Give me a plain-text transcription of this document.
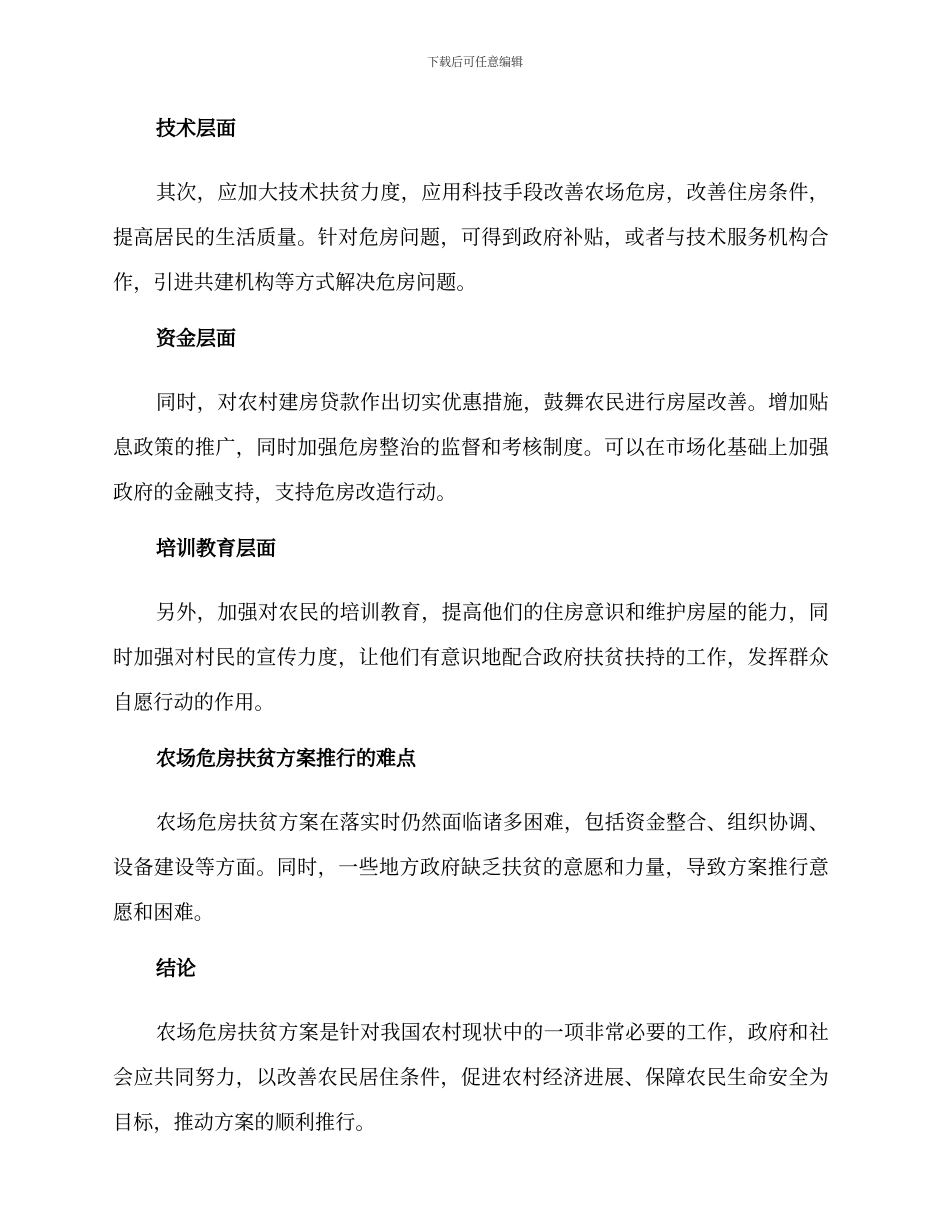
下载后可任意编辑
技术层面

其次，应加大技术扶贫力度，应用科技手段改善农场危房，改善住房条件，提高居民的生活质量。针对危房问题，可得到政府补贴，或者与技术服务机构合作，引进共建机构等方式解决危房问题。

资金层面

同时，对农村建房贷款作出切实优惠措施，鼓舞农民进行房屋改善。增加贴息政策的推广，同时加强危房整治的监督和考核制度。可以在市场化基础上加强政府的金融支持，支持危房改造行动。

培训教育层面

另外，加强对农民的培训教育，提高他们的住房意识和维护房屋的能力，同时加强对村民的宣传力度，让他们有意识地配合政府扶贫扶持的工作，发挥群众自愿行动的作用。

农场危房扶贫方案推行的难点

农场危房扶贫方案在落实时仍然面临诸多困难，包括资金整合、组织协调、设备建设等方面。同时，一些地方政府缺乏扶贫的意愿和力量，导致方案推行意愿和困难。

结论

农场危房扶贫方案是针对我国农村现状中的一项非常必要的工作，政府和社会应共同努力，以改善农民居住条件，促进农村经济进展、保障农民生命安全为目标，推动方案的顺利推行。
